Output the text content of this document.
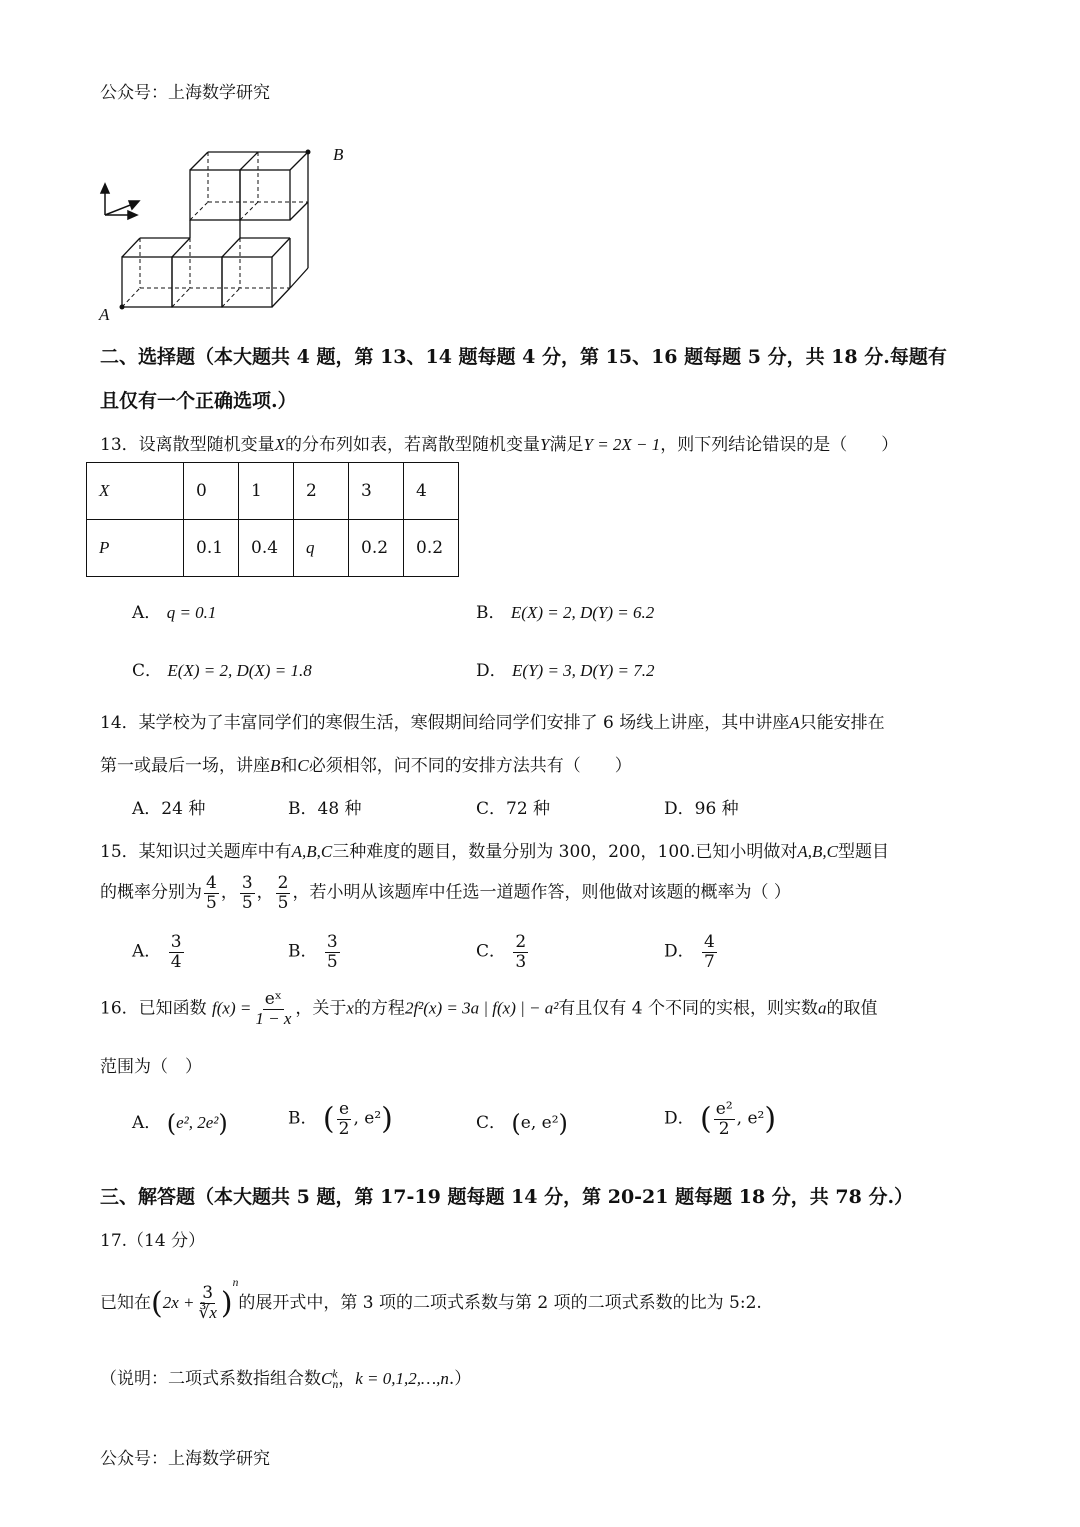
公众号：上海数学研究
A
B
二、选择题（本大题共 4 题，第 13、14 题每题 4 分，第 15、16 题每题 5 分，共 18 分.每题有
且仅有一个正确选项.）
13．设离散型随机变量X的分布列如表，若离散型随机变量Y满足Y = 2X − 1，则下列结论错误的是（　　）
X	0	1	2	3	4
P	0.1	0.4	q	0.2	0.2
A． q = 0.1	B． E(X) = 2, D(Y) = 6.2
C． E(X) = 2, D(X) = 1.8	D． E(Y) = 3, D(Y) = 7.2
14．某学校为了丰富同学们的寒假生活，寒假期间给同学们安排了 6 场线上讲座，其中讲座A只能安排在
第一或最后一场，讲座B和C必须相邻，问不同的安排方法共有（　　）
A．24 种	B．48 种	C．72 种	D．96 种
15．某知识过关题库中有A,B,C三种难度的题目，数量分别为 300，200，100.已知小明做对A,B,C型题目
的概率分别为 $\frac{4}{5}$ ， $\frac{3}{5}$ ， $\frac{2}{5}$ ，若小明从该题库中任选一道题作答，则他做对该题的概率为（ ）
A． $\frac{3}{4}$	B． $\frac{3}{5}$	C． $\frac{2}{3}$	D． $\frac{4}{7}$
16．已知函数 $f(x) = \frac{\text{eˣ}}{1 - x}$ ，关于x的方程2f²(x) = 3a | f(x) | − a²有且仅有 4 个不同的实根，则实数a的取值
范围为（　）
A． (e², 2e²)	B． ( $\frac{e}{2}$ , e²)	C． (e, e²)	D． ( $\frac{\text{e²}}{2}$ , e²)
三、解答题（本大题共 5 题，第 17-19 题每题 14 分，第 20-21 题每题 18 分，共 78 分.）
17.（14 分）
已知在$(2x + \frac{3}{∛x} )^n$的展开式中，第 3 项的二项式系数与第 2 项的二项式系数的比为 5:2.
（说明：二项式系数指组合数$C^k_n$，k = 0,1,2,…,n.）
公众号：上海数学研究
